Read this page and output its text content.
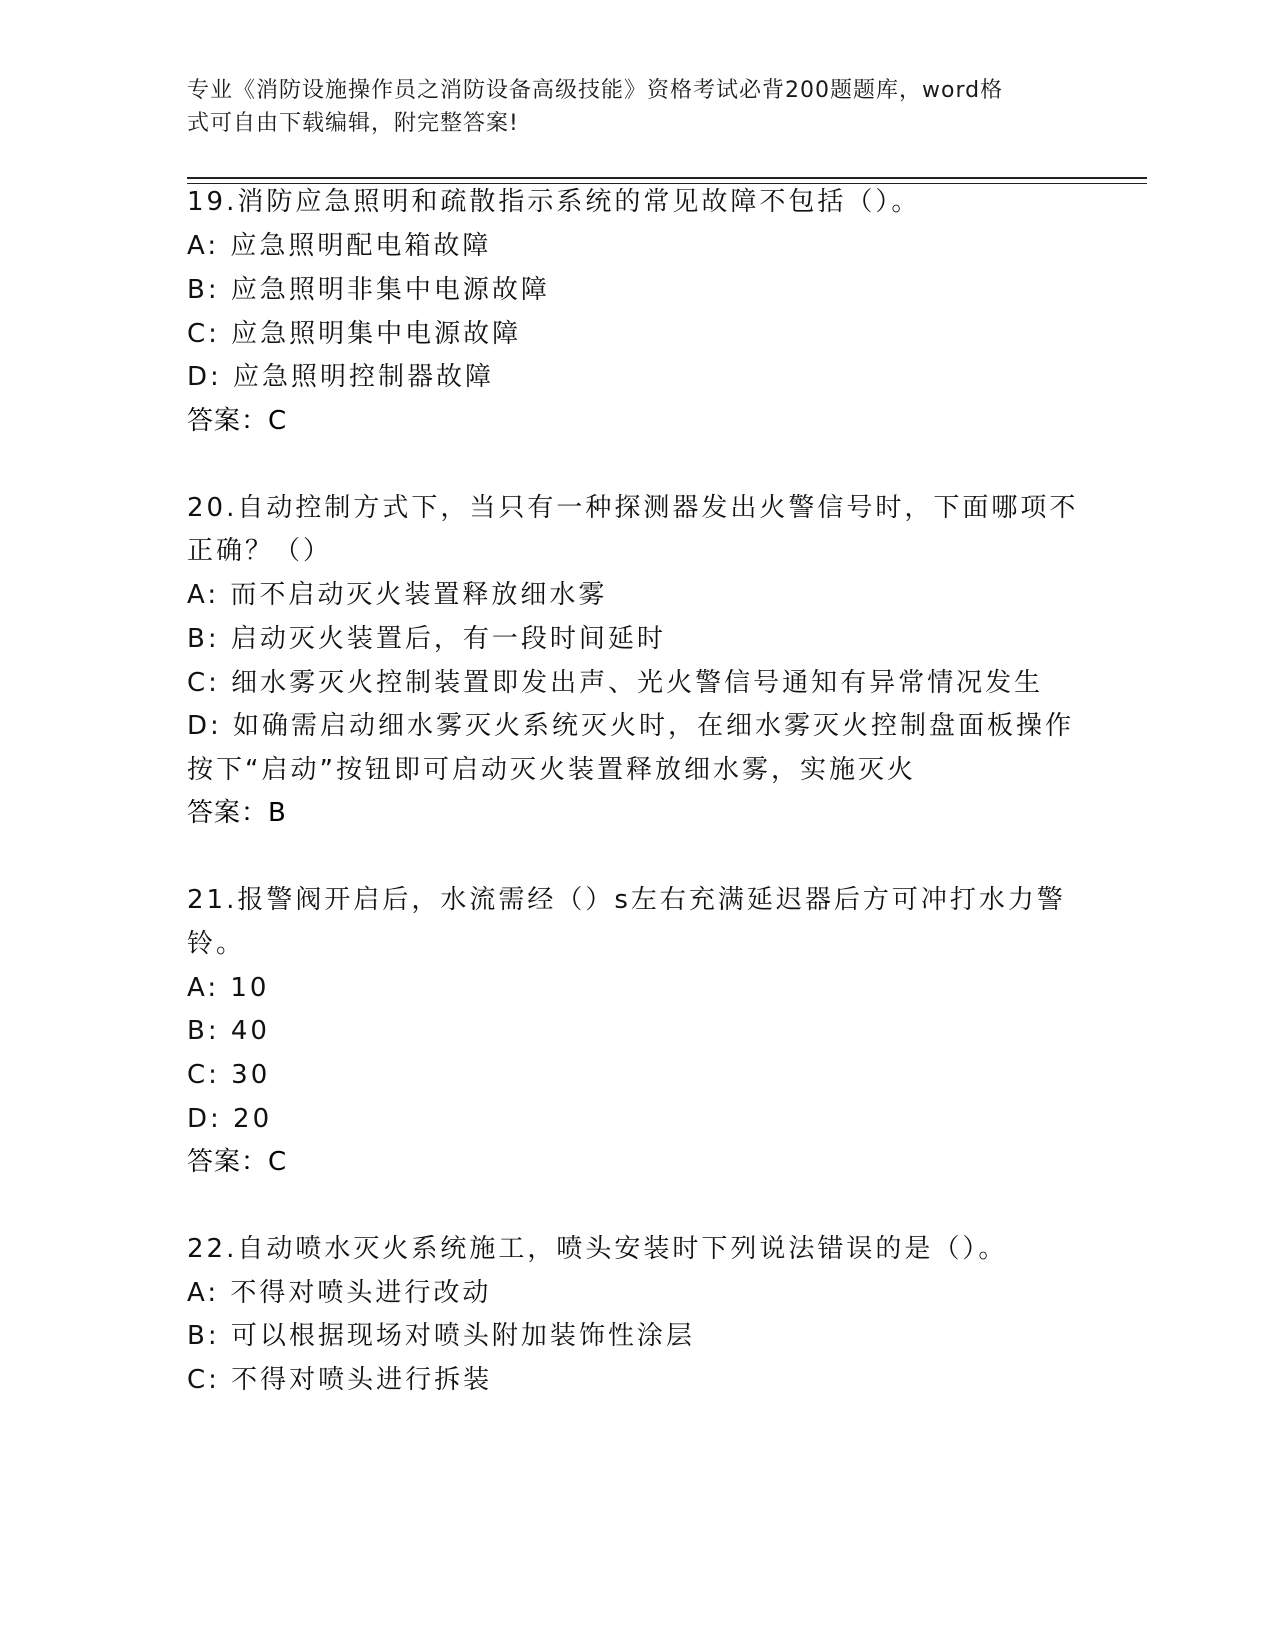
专业《消防设施操作员之消防设备高级技能》资格考试必背200题题库，word格
式可自由下载编辑，附完整答案!
19.消防应急照明和疏散指示系统的常见故障不包括（）。
A: 应急照明配电箱故障
B: 应急照明非集中电源故障
C: 应急照明集中电源故障
D: 应急照明控制器故障
答案：C
20.自动控制方式下，当只有一种探测器发出火警信号时，下面哪项不
正确？（）
A: 而不启动灭火装置释放细水雾
B: 启动灭火装置后，有一段时间延时
C: 细水雾灭火控制装置即发出声、光火警信号通知有异常情况发生
D: 如确需启动细水雾灭火系统灭火时，在细水雾灭火控制盘面板操作
按下“启动”按钮即可启动灭火装置释放细水雾，实施灭火
答案：B
21.报警阀开启后，水流需经（）s左右充满延迟器后方可冲打水力警
铃。
A: 10
B: 40
C: 30
D: 20
答案：C
22.自动喷水灭火系统施工，喷头安装时下列说法错误的是（）。
A: 不得对喷头进行改动
B: 可以根据现场对喷头附加装饰性涂层
C: 不得对喷头进行拆装
